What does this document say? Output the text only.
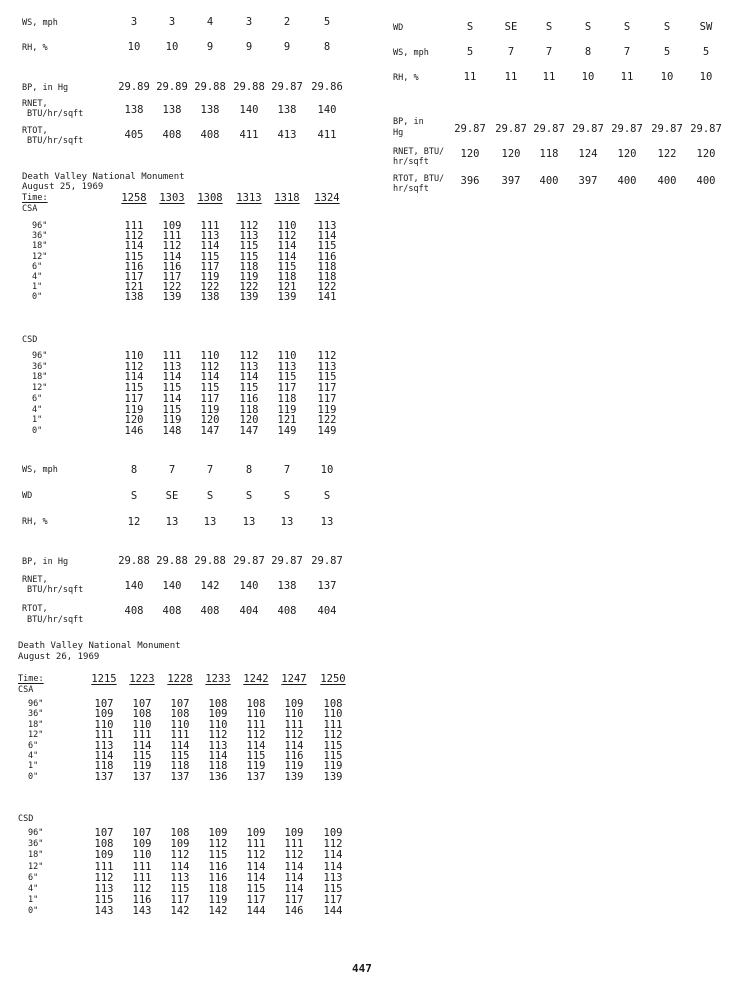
WS, mph	3	3	4	3	2	5
RH, %	10	10	9	9	9	8
BP, in Hg	29.89 29.89 29.88 29.88 29.87 29.86
RNET,
BTU/hr/sqft	138	138	138	140	138	140
RTOT,
BTU/hr/sqft	405	408	408	411	413	411
Death Valley National Monument
August 25, 1969
Time:	1258	1303	1308	1313	1318	1324
CSA
96"	111	109	111	112	110	113
36"	112	111	113	113	112	114
18"	114	112	114	115	114	115
12"	115	114	115	115	114	116
6"	116	116	117	118	115	118
4"	117	117	119	119	118	118
1"	121	122	122	122	121	122
0"	138	139	138	139	139	141
CSD
96"	110	111	110	112	110	112
36"	112	113	112	113	113	113
18"	114	114	114	114	115	115
12"	115	115	115	115	117	117
6"	117	114	117	116	118	117
4"	119	115	119	118	119	119
1"	120	119	120	120	121	122
0"	146	148	147	147	149	149
WS, mph	8	7	7	8	7	10
WD	S	SE	S	S	S	S
RH, %	12	13	13	13	13	13
BP, in Hg	29.88 29.88 29.88 29.87 29.87 29.87
RNET,
BTU/hr/sqft	140	140	142	140	138	137
RTOT,
BTU/hr/sqft
408	408	408	404	408	404
Death Valley National Monument
August 26, 1969
Time:	1215	1223	1228	1233	1242	1247	1250
CSA
96"	107	107	107	108	108	109	108
36"	109	108	108	109	110	110	110
18"	110	110	110	110	111	111	111
12"	111	111	111	112	112	112	112
6"	113	114	114	113	114	114	115
4"	114	115	115	114	115	116	115
1"	118	119	118	118	119	119	119
0"	137	137	137	136	137	139	139
CSD
96"	107	107	108	109	109	109	109
36"	108	109	109	112	111	111	112
18"	109	110	112	115	112	112	114
12"	111	111	114	116	114	114	114
6"	112	111	113	116	114	114	113
4"	113	112	115	118	115	114	115
1"	115	116	117	119	117	117	117
0"	143	143	142	142	144	146	144
WD	S	SE	S	S	S	S	SW
WS, mph	5	7	7	8	7	5	5
RH, %	11	11	11	10	11	10	10
BP, in
Hg	29.87 29.87 29.87 29.87 29.87 29.87 29.87
RNET, BTU/
hr/sqft
120	120	118	124	120	122	120
RTOT, BTU/
hr/sqft
396	397	400	397	400	400	400
447
